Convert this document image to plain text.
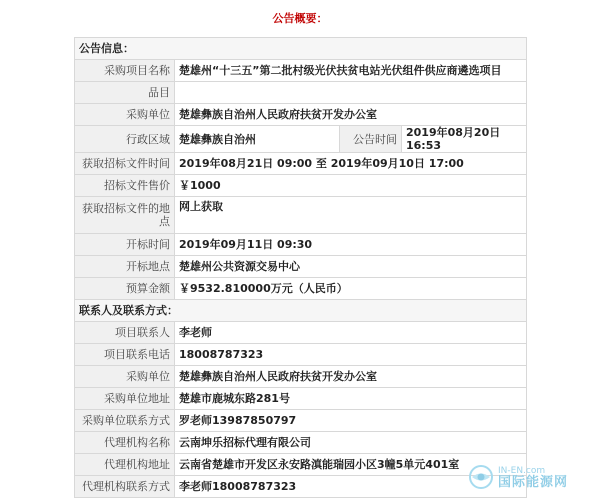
公告概要：
公告信息：			
采购项目名称	楚雄州“十三五”第二批村级光伏扶贫电站光伏组件供应商遴选项目		
品目			
采购单位	楚雄彝族自治州人民政府扶贫开发办公室		
行政区域	楚雄彝族自治州	公告时间	2019年08月20日 16:53
获取招标文件时间	2019年08月21日 09:00 至 2019年09月10日 17:00		
招标文件售价	￥1000		
获取招标文件的地点	网上获取		
开标时间	2019年09月11日 09:30		
开标地点	楚雄州公共资源交易中心		
预算金额	￥9532.810000万元（人民币）		
联系人及联系方式：			
项目联系人	李老师		
项目联系电话	18008787323		
采购单位	楚雄彝族自治州人民政府扶贫开发办公室		
采购单位地址	楚雄市鹿城东路281号		
采购单位联系方式	罗老师13987850797		
代理机构名称	云南坤乐招标代理有限公司		
代理机构地址	云南省楚雄市开发区永安路滇能瑞园小区3幢5单元401室		
代理机构联系方式	李老师18008787323		
IN-EN.com
国际能源网
